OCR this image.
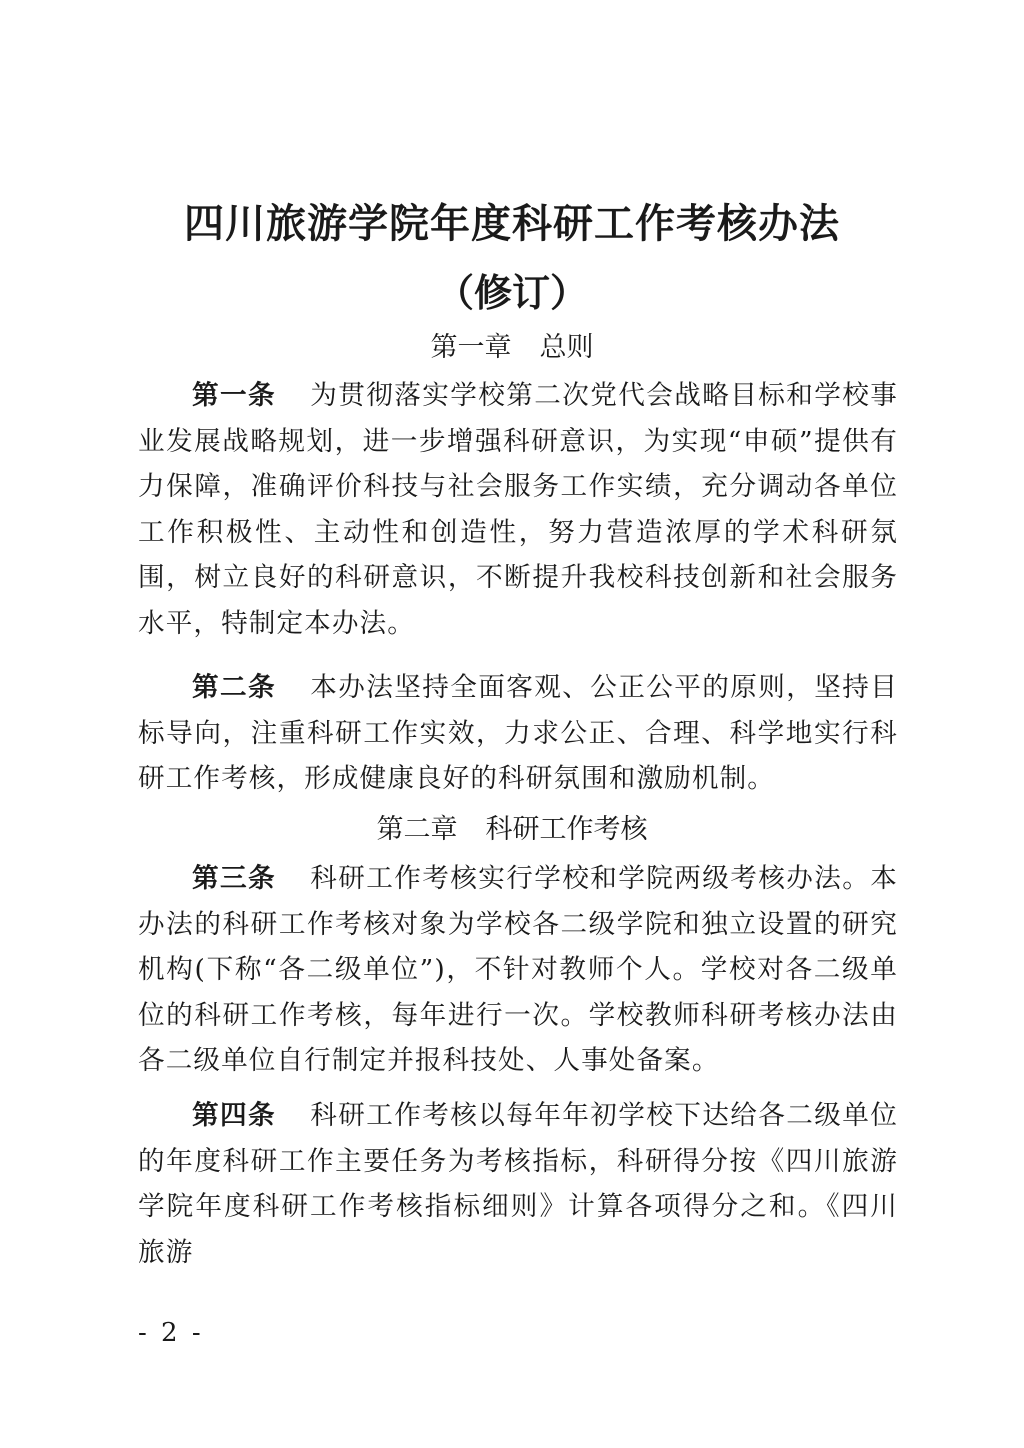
四川旅游学院年度科研工作考核办法
（修订）
第一章 总则

第一条 为贯彻落实学校第二次党代会战略目标和学校事业发展战略规划，进一步增强科研意识，为实现“申硕”提供有力保障，准确评价科技与社会服务工作实绩，充分调动各单位工作积极性、主动性和创造性，努力营造浓厚的学术科研氛围，树立良好的科研意识，不断提升我校科技创新和社会服务水平，特制定本办法。

第二条 本办法坚持全面客观、公正公平的原则，坚持目标导向，注重科研工作实效，力求公正、合理、科学地实行科研工作考核，形成健康良好的科研氛围和激励机制。

第二章 科研工作考核

第三条 科研工作考核实行学校和学院两级考核办法。本办法的科研工作考核对象为学校各二级学院和独立设置的研究机构(下称“各二级单位”)，不针对教师个人。学校对各二级单位的科研工作考核，每年进行一次。学校教师科研考核办法由各二级单位自行制定并报科技处、人事处备案。

第四条 科研工作考核以每年年初学校下达给各二级单位的年度科研工作主要任务为考核指标，科研得分按《四川旅游学院年度科研工作考核指标细则》计算各项得分之和。《四川旅游

- 2 -
